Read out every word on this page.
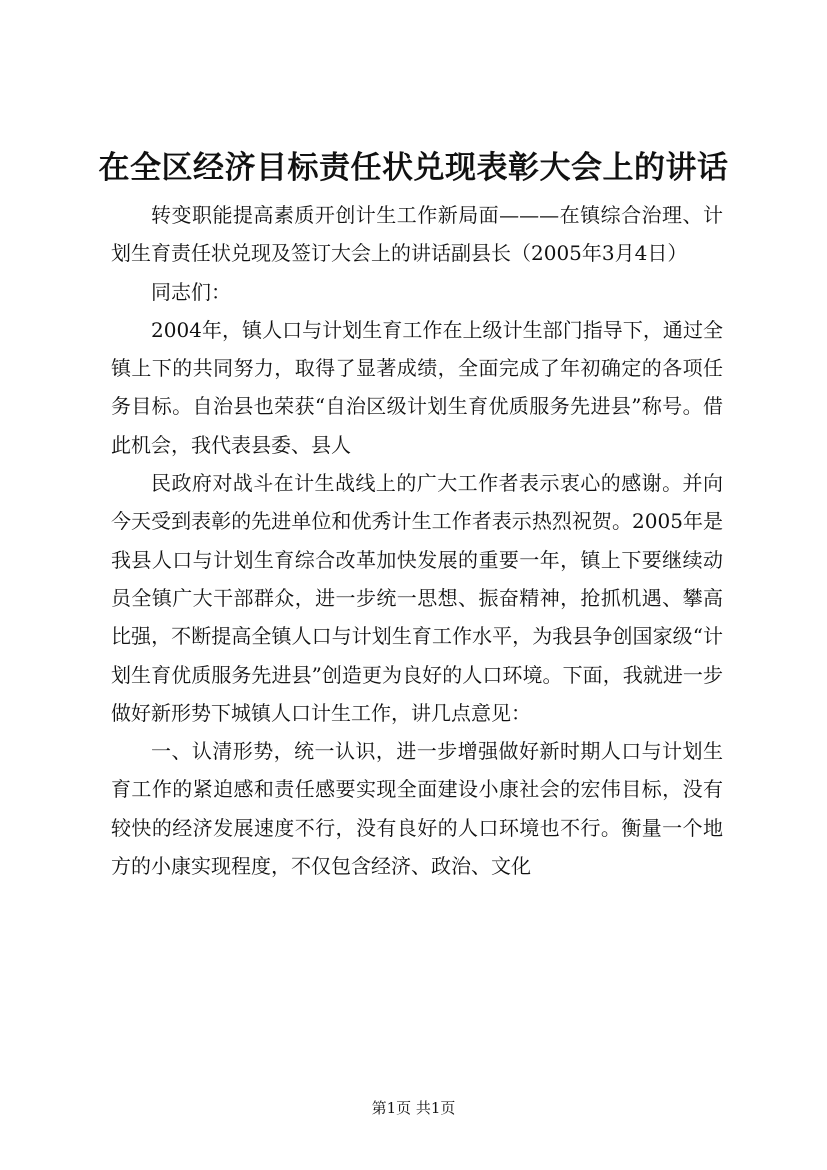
在全区经济目标责任状兑现表彰大会上的讲话

转变职能提高素质开创计生工作新局面———在镇综合治理、计划生育责任状兑现及签订大会上的讲话副县长（2005年3月4日）

同志们：

2004年，镇人口与计划生育工作在上级计生部门指导下，通过全镇上下的共同努力，取得了显著成绩，全面完成了年初确定的各项任务目标。自治县也荣获“自治区级计划生育优质服务先进县”称号。借此机会，我代表县委、县人

民政府对战斗在计生战线上的广大工作者表示衷心的感谢。并向今天受到表彰的先进单位和优秀计生工作者表示热烈祝贺。2005年是我县人口与计划生育综合改革加快发展的重要一年，镇上下要继续动员全镇广大干部群众，进一步统一思想、振奋精神，抢抓机遇、攀高比强，不断提高全镇人口与计划生育工作水平，为我县争创国家级“计划生育优质服务先进县”创造更为良好的人口环境。下面，我就进一步做好新形势下城镇人口计生工作，讲几点意见：

一、认清形势，统一认识，进一步增强做好新时期人口与计划生育工作的紧迫感和责任感要实现全面建设小康社会的宏伟目标，没有较快的经济发展速度不行，没有良好的人口环境也不行。衡量一个地方的小康实现程度，不仅包含经济、政治、文化

第1页 共1页
